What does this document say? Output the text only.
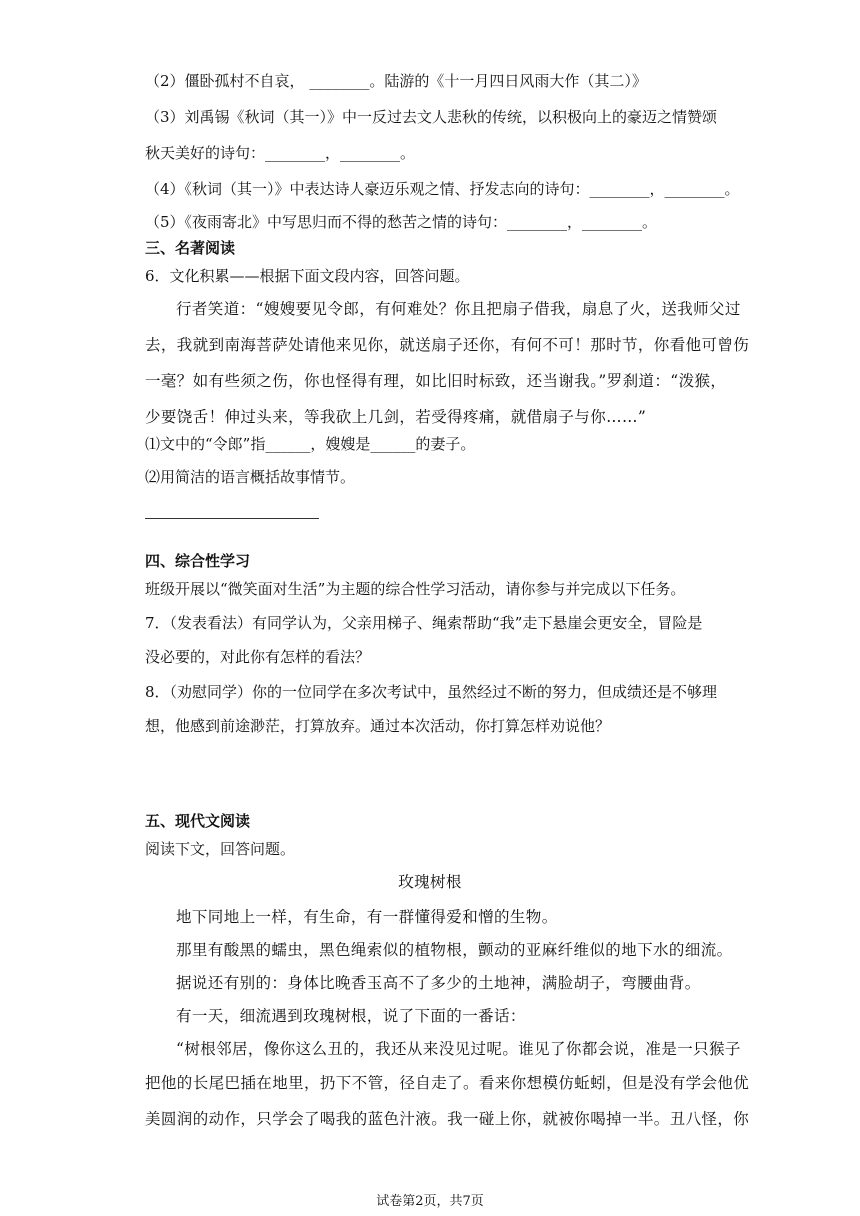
（2）僵卧孤村不自哀， ________。陆游的《十一月四日风雨大作（其二）》
（3）刘禹锡《秋词（其一）》中一反过去文人悲秋的传统，以积极向上的豪迈之情赞颂
秋天美好的诗句：________，________。
（4）《秋词（其一）》中表达诗人豪迈乐观之情、抒发志向的诗句：________，________。
（5）《夜雨寄北》中写思归而不得的愁苦之情的诗句：________，________。
三、名著阅读
6．文化积累——根据下面文段内容，回答问题。
行者笑道：“嫂嫂要见令郎，有何难处？你且把扇子借我，扇息了火，送我师父过
去，我就到南海菩萨处请他来见你，就送扇子还你，有何不可！那时节，你看他可曾伤
一毫？如有些须之伤，你也怪得有理，如比旧时标致，还当谢我。”罗刹道：“泼猴，
少要饶舌！伸过头来，等我砍上几剑，若受得疼痛，就借扇子与你……”
⑴文中的“令郎”指______，嫂嫂是______的妻子。
⑵用简洁的语言概括故事情节。
四、综合性学习
班级开展以“微笑面对生活”为主题的综合性学习活动，请你参与并完成以下任务。
7．（发表看法）有同学认为，父亲用梯子、绳索帮助“我”走下悬崖会更安全，冒险是
没必要的，对此你有怎样的看法？
8．（劝慰同学）你的一位同学在多次考试中，虽然经过不断的努力，但成绩还是不够理
想，他感到前途渺茫，打算放弃。通过本次活动，你打算怎样劝说他？
五、现代文阅读
阅读下文，回答问题。
玫瑰树根
地下同地上一样，有生命，有一群懂得爱和憎的生物。
那里有酸黑的蠕虫，黑色绳索似的植物根，颤动的亚麻纤维似的地下水的细流。
据说还有别的：身体比晚香玉高不了多少的土地神，满脸胡子，弯腰曲背。
有一天，细流遇到玫瑰树根，说了下面的一番话：
“树根邻居，像你这么丑的，我还从来没见过呢。谁见了你都会说，准是一只猴子
把他的长尾巴插在地里，扔下不管，径自走了。看来你想模仿蚯蚓，但是没有学会他优
美圆润的动作，只学会了喝我的蓝色汁液。我一碰上你，就被你喝掉一半。丑八怪，你
试卷第2页，共7页
